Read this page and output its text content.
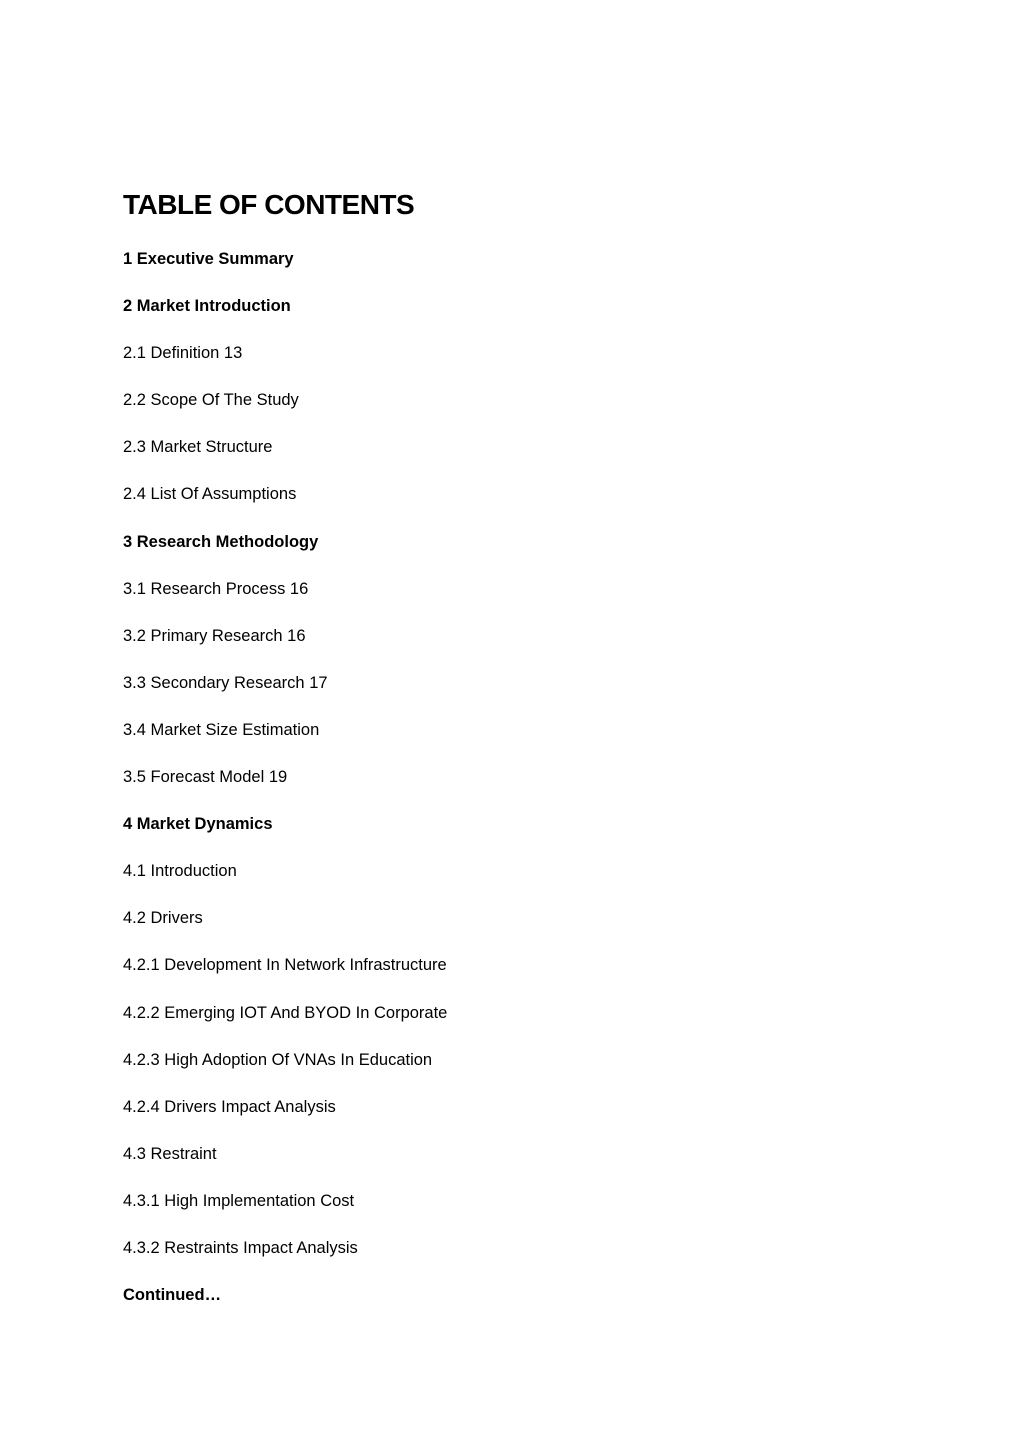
TABLE OF CONTENTS
1 Executive Summary
2 Market Introduction
2.1 Definition 13
2.2 Scope Of The Study
2.3 Market Structure
2.4 List Of Assumptions
3 Research Methodology
3.1 Research Process 16
3.2 Primary Research 16
3.3 Secondary Research 17
3.4 Market Size Estimation
3.5 Forecast Model 19
4 Market Dynamics
4.1 Introduction
4.2 Drivers
4.2.1 Development In Network Infrastructure
4.2.2 Emerging IOT And BYOD In Corporate
4.2.3 High Adoption Of VNAs In Education
4.2.4 Drivers Impact Analysis
4.3 Restraint
4.3.1 High Implementation Cost
4.3.2 Restraints Impact Analysis
Continued…
